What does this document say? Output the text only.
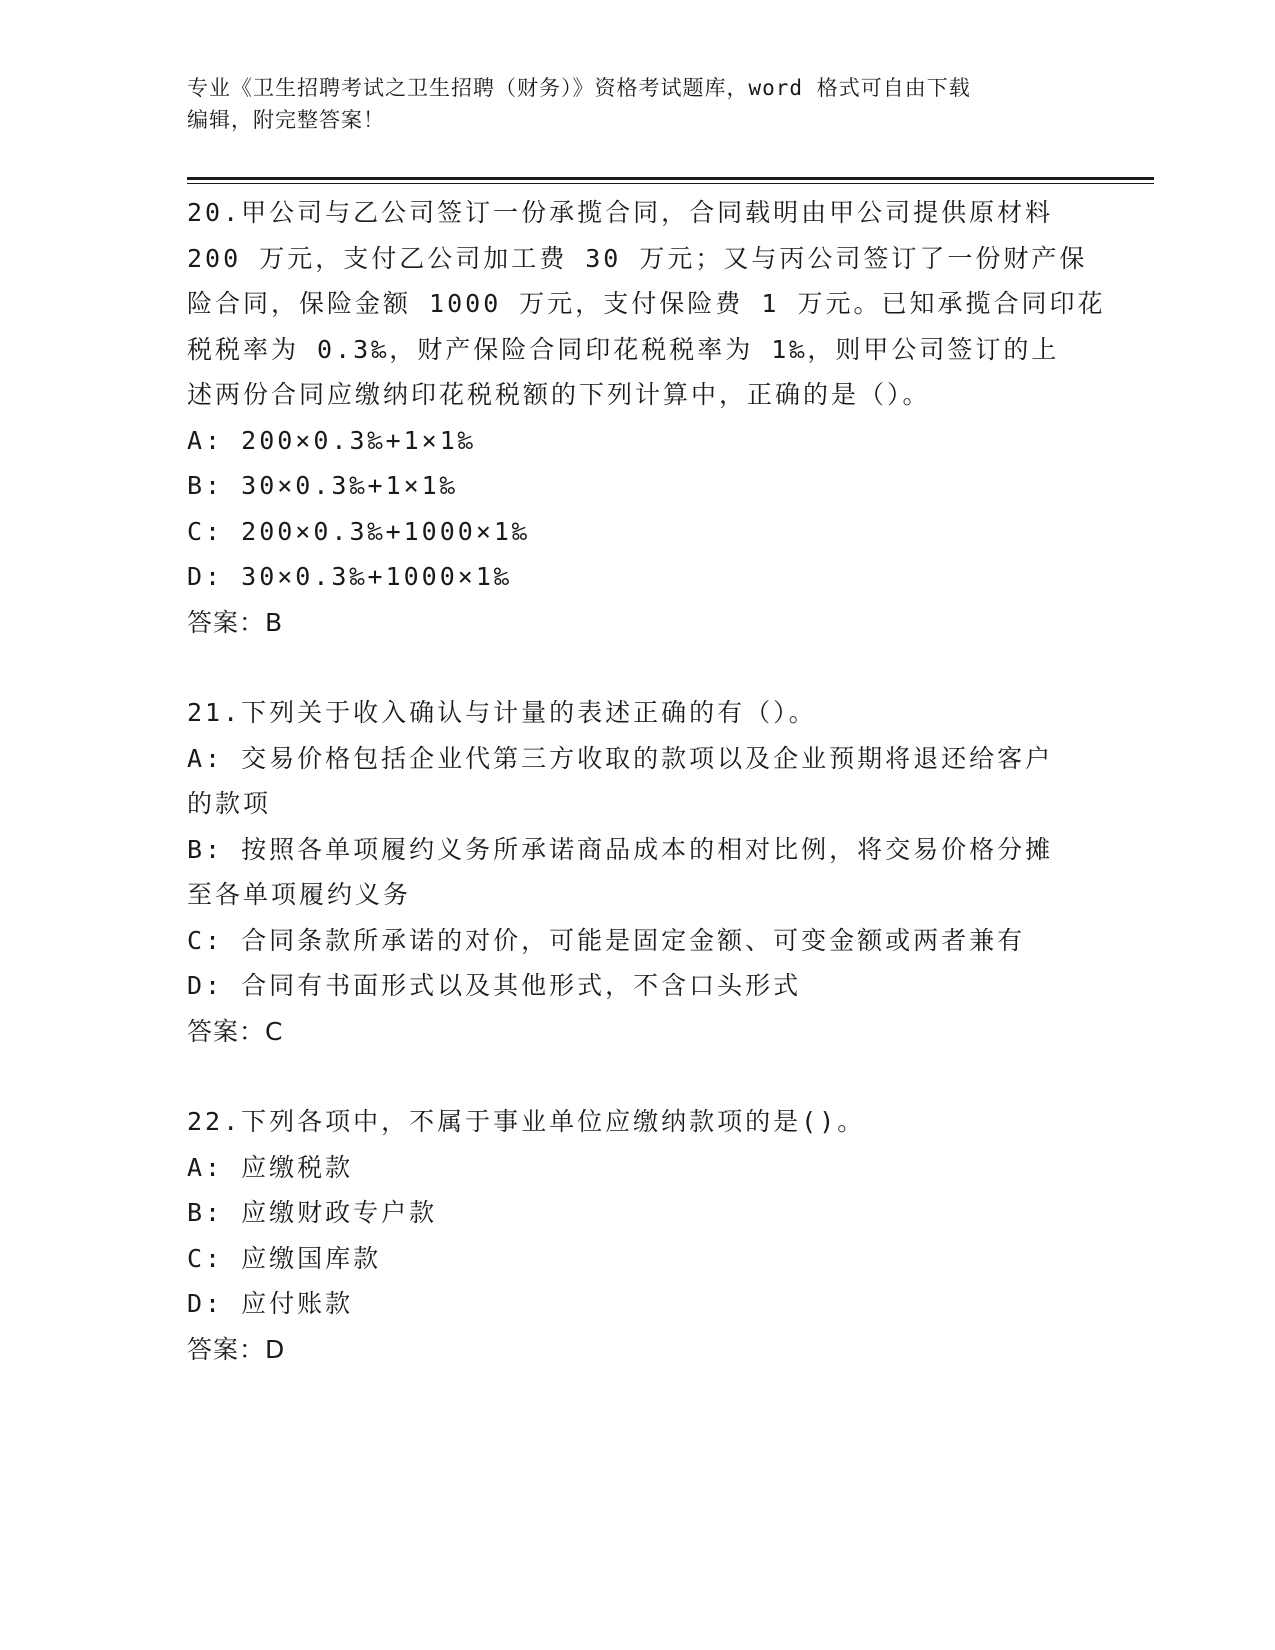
专业《卫生招聘考试之卫生招聘（财务）》资格考试题库，word 格式可自由下载
编辑，附完整答案！
20.甲公司与乙公司签订一份承揽合同，合同载明由甲公司提供原材料
200 万元，支付乙公司加工费 30 万元；又与丙公司签订了一份财产保
险合同，保险金额 1000 万元，支付保险费 1 万元。已知承揽合同印花
税税率为 0.3‰，财产保险合同印花税税率为 1‰，则甲公司签订的上
述两份合同应缴纳印花税税额的下列计算中，正确的是（）。
A: 200×0.3‰+1×1‰
B: 30×0.3‰+1×1‰
C: 200×0.3‰+1000×1‰
D: 30×0.3‰+1000×1‰
答案：B
21.下列关于收入确认与计量的表述正确的有（）。
A: 交易价格包括企业代第三方收取的款项以及企业预期将退还给客户
的款项
B: 按照各单项履约义务所承诺商品成本的相对比例，将交易价格分摊
至各单项履约义务
C: 合同条款所承诺的对价，可能是固定金额、可变金额或两者兼有
D: 合同有书面形式以及其他形式，不含口头形式
答案：C
22.下列各项中，不属于事业单位应缴纳款项的是()。
A: 应缴税款
B: 应缴财政专户款
C: 应缴国库款
D: 应付账款
答案：D
